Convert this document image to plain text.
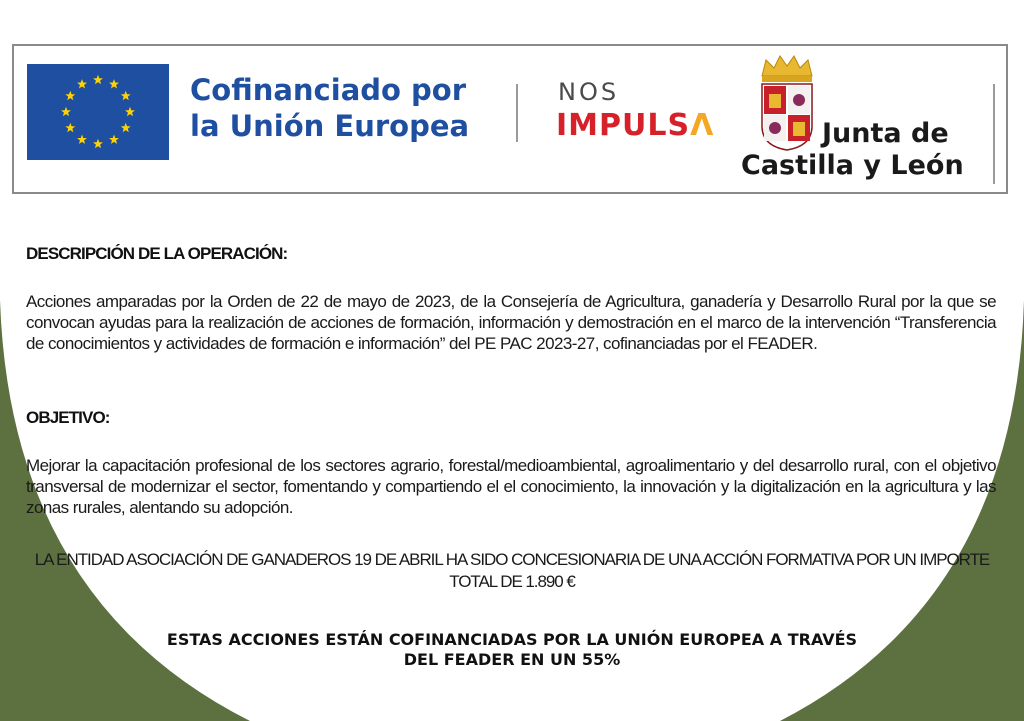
Cofinanciado por
la Unión Europea
NOS
IMPULSΛ	Junta de
Castilla y León
DESCRIPCIÓN DE LA OPERACIÓN:
Acciones amparadas por la Orden de 22 de mayo de 2023, de la Consejería de Agricultura, ganadería y Desarrollo Rural por la que se convocan ayudas para la realización de acciones de formación, información y demostración en el marco de la intervención “Transferencia de conocimientos y actividades de formación e información” del PE PAC 2023-27, cofinanciadas por el FEADER.
OBJETIVO:
Mejorar la capacitación profesional de los sectores agrario, forestal/medioambiental, agroalimentario y del desarrollo rural, con el objetivo transversal de modernizar el sector, fomentando y compartiendo el el conocimiento, la innovación y la digitalización en la agricultura y las zonas rurales, alentando su adopción.
LA ENTIDAD ASOCIACIÓN DE GANADEROS 19 DE ABRIL HA SIDO CONCESIONARIA DE UNA ACCIÓN FORMATIVA POR UN IMPORTE TOTAL DE 1.890 €
ESTAS ACCIONES ESTÁN COFINANCIADAS POR LA UNIÓN EUROPEA A TRAVÉS
DEL FEADER EN UN 55%
